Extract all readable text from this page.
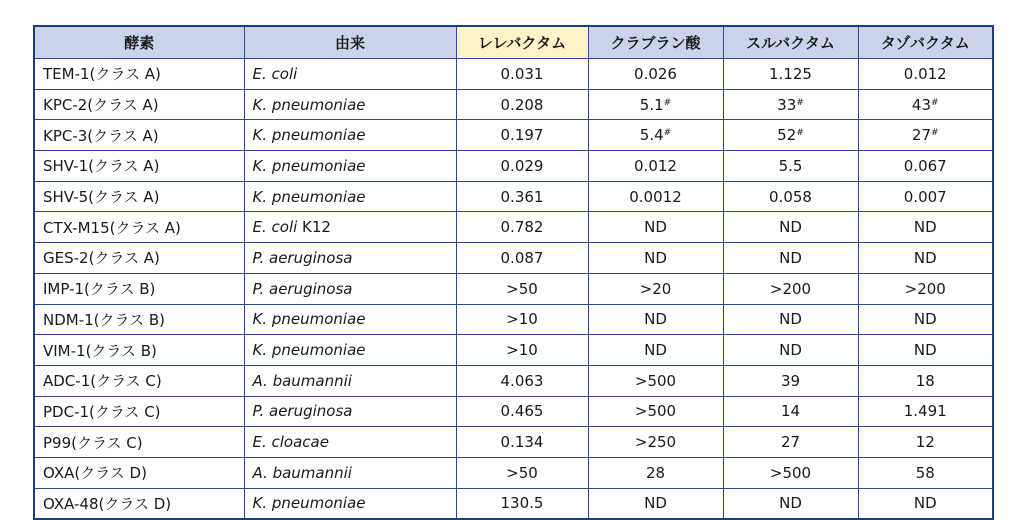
酵素	由来	レレバクタム	クラブラン酸	スルバクタム	タゾバクタム
TEM-1(クラス A)	E. coli	0.031	0.026	1.125	0.012
KPC-2(クラス A)	K. pneumoniae	0.208	5.1#	33#	43#
KPC-3(クラス A)	K. pneumoniae	0.197	5.4#	52#	27#
SHV-1(クラス A)	K. pneumoniae	0.029	0.012	5.5	0.067
SHV-5(クラス A)	K. pneumoniae	0.361	0.0012	0.058	0.007
CTX-M15(クラス A)	E. coli K12	0.782	ND	ND	ND
GES-2(クラス A)	P. aeruginosa	0.087	ND	ND	ND
IMP-1(クラス B)	P. aeruginosa	>50	>20	>200	>200
NDM-1(クラス B)	K. pneumoniae	>10	ND	ND	ND
VIM-1(クラス B)	K. pneumoniae	>10	ND	ND	ND
ADC-1(クラス C)	A. baumannii	4.063	>500	39	18
PDC-1(クラス C)	P. aeruginosa	0.465	>500	14	1.491
P99(クラス C)	E. cloacae	0.134	>250	27	12
OXA(クラス D)	A. baumannii	>50	28	>500	58
OXA-48(クラス D)	K. pneumoniae	130.5	ND	ND	ND
